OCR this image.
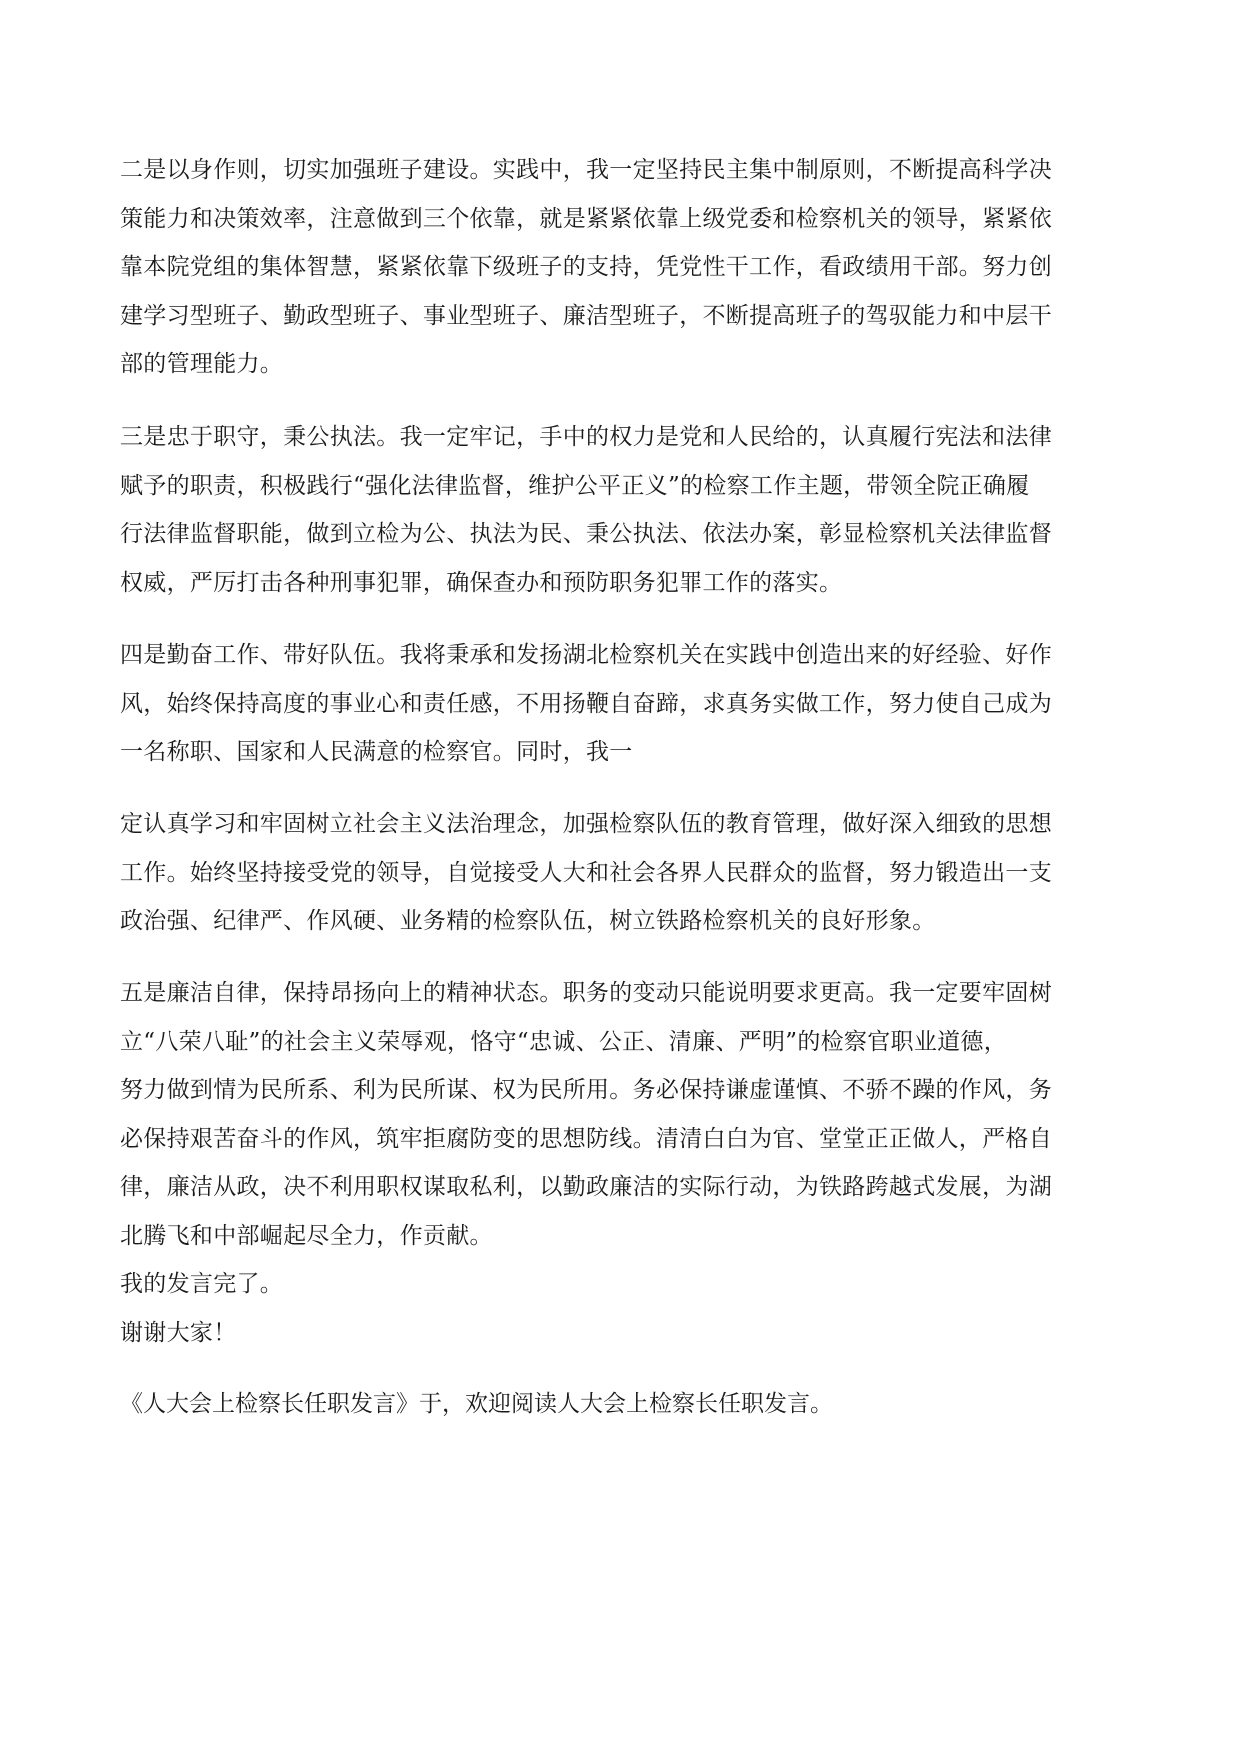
二是以身作则，切实加强班子建设。实践中，我一定坚持民主集中制原则，不断提高科学决
策能力和决策效率，注意做到三个依靠，就是紧紧依靠上级党委和检察机关的领导，紧紧依
靠本院党组的集体智慧，紧紧依靠下级班子的支持，凭党性干工作，看政绩用干部。努力创
建学习型班子、勤政型班子、事业型班子、廉洁型班子，不断提高班子的驾驭能力和中层干
部的管理能力。

三是忠于职守，秉公执法。我一定牢记，手中的权力是党和人民给的，认真履行宪法和法律
赋予的职责，积极践行“强化法律监督，维护公平正义”的检察工作主题，带领全院正确履
行法律监督职能，做到立检为公、执法为民、秉公执法、依法办案，彰显检察机关法律监督
权威，严厉打击各种刑事犯罪，确保查办和预防职务犯罪工作的落实。

四是勤奋工作、带好队伍。我将秉承和发扬湖北检察机关在实践中创造出来的好经验、好作
风，始终保持高度的事业心和责任感，不用扬鞭自奋蹄，求真务实做工作，努力使自己成为
一名称职、国家和人民满意的检察官。同时，我一

定认真学习和牢固树立社会主义法治理念，加强检察队伍的教育管理，做好深入细致的思想
工作。始终坚持接受党的领导，自觉接受人大和社会各界人民群众的监督，努力锻造出一支
政治强、纪律严、作风硬、业务精的检察队伍，树立铁路检察机关的良好形象。

五是廉洁自律，保持昂扬向上的精神状态。职务的变动只能说明要求更高。我一定要牢固树
立“八荣八耻”的社会主义荣辱观，恪守“忠诚、公正、清廉、严明”的检察官职业道德，
努力做到情为民所系、利为民所谋、权为民所用。务必保持谦虚谨慎、不骄不躁的作风，务
必保持艰苦奋斗的作风，筑牢拒腐防变的思想防线。清清白白为官、堂堂正正做人，严格自
律，廉洁从政，决不利用职权谋取私利，以勤政廉洁的实际行动，为铁路跨越式发展，为湖
北腾飞和中部崛起尽全力，作贡献。
我的发言完了。
谢谢大家！

《人大会上检察长任职发言》于，欢迎阅读人大会上检察长任职发言。
